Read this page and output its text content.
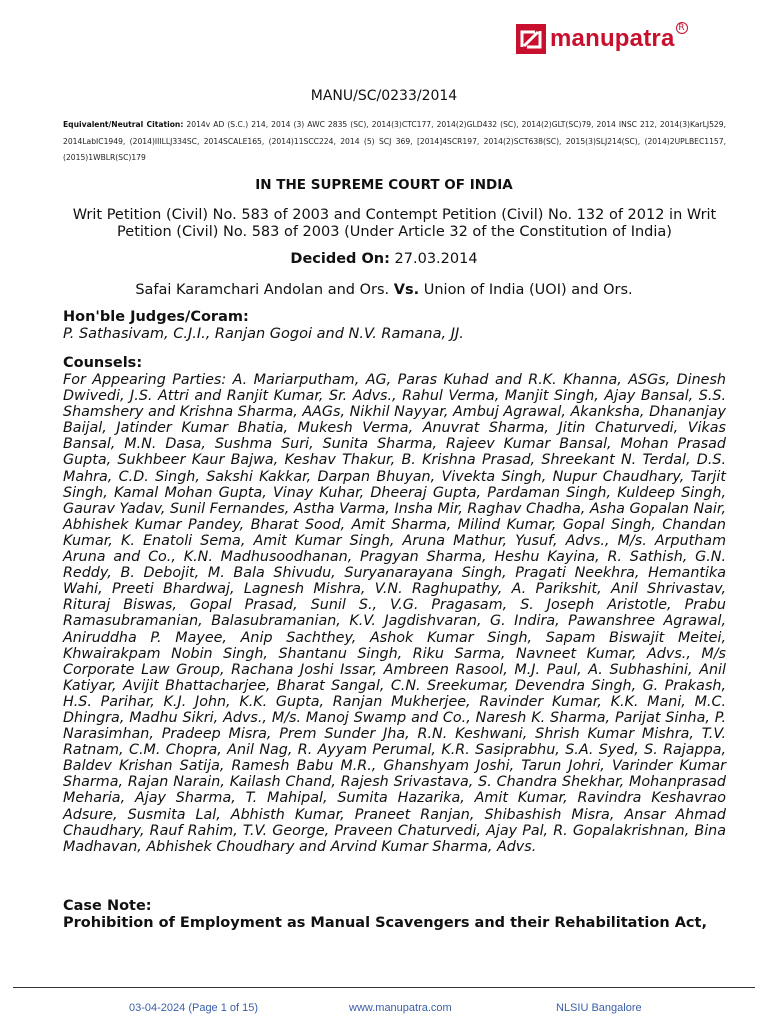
manupatra R
MANU/SC/0233/2014
Equivalent/Neutral Citation: 2014v AD (S.C.) 214, 2014 (3) AWC 2835 (SC), 2014(3)CTC177, 2014(2)GLD432 (SC), 2014(2)GLT(SC)79, 2014 INSC 212, 2014(3)KarLJ529, 2014LabIC1949, (2014)IIILLJ334SC, 2014SCALE165, (2014)11SCC224, 2014 (5) SCJ 369, [2014]4SCR197, 2014(2)SCT638(SC), 2015(3)SLJ214(SC), (2014)2UPLBEC1157, (2015)1WBLR(SC)179
IN THE SUPREME COURT OF INDIA
Writ Petition (Civil) No. 583 of 2003 and Contempt Petition (Civil) No. 132 of 2012 in Writ Petition (Civil) No. 583 of 2003 (Under Article 32 of the Constitution of India)
Decided On: 27.03.2014
Safai Karamchari Andolan and Ors. Vs. Union of India (UOI) and Ors.
Hon'ble Judges/Coram:
P. Sathasivam, C.J.I., Ranjan Gogoi and N.V. Ramana, JJ.
Counsels:
For Appearing Parties: A. Mariarputham, AG, Paras Kuhad and R.K. Khanna, ASGs, Dinesh Dwivedi, J.S. Attri and Ranjit Kumar, Sr. Advs., Rahul Verma, Manjit Singh, Ajay Bansal, S.S. Shamshery and Krishna Sharma, AAGs, Nikhil Nayyar, Ambuj Agrawal, Akanksha, Dhananjay Baijal, Jatinder Kumar Bhatia, Mukesh Verma, Anuvrat Sharma, Jitin Chaturvedi, Vikas Bansal, M.N. Dasa, Sushma Suri, Sunita Sharma, Rajeev Kumar Bansal, Mohan Prasad Gupta, Sukhbeer Kaur Bajwa, Keshav Thakur, B. Krishna Prasad, Shreekant N. Terdal, D.S. Mahra, C.D. Singh, Sakshi Kakkar, Darpan Bhuyan, Vivekta Singh, Nupur Chaudhary, Tarjit Singh, Kamal Mohan Gupta, Vinay Kuhar, Dheeraj Gupta, Pardaman Singh, Kuldeep Singh, Gaurav Yadav, Sunil Fernandes, Astha Varma, Insha Mir, Raghav Chadha, Asha Gopalan Nair, Abhishek Kumar Pandey, Bharat Sood, Amit Sharma, Milind Kumar, Gopal Singh, Chandan Kumar, K. Enatoli Sema, Amit Kumar Singh, Aruna Mathur, Yusuf, Advs., M/s. Arputham Aruna and Co., K.N. Madhusoodhanan, Pragyan Sharma, Heshu Kayina, R. Sathish, G.N. Reddy, B. Debojit, M. Bala Shivudu, Suryanarayana Singh, Pragati Neekhra, Hemantika Wahi, Preeti Bhardwaj, Lagnesh Mishra, V.N. Raghupathy, A. Parikshit, Anil Shrivastav, Rituraj Biswas, Gopal Prasad, Sunil S., V.G. Pragasam, S. Joseph Aristotle, Prabu Ramasubramanian, Balasubramanian, K.V. Jagdishvaran, G. Indira, Pawanshree Agrawal, Aniruddha P. Mayee, Anip Sachthey, Ashok Kumar Singh, Sapam Biswajit Meitei, Khwairakpam Nobin Singh, Shantanu Singh, Riku Sarma, Navneet Kumar, Advs., M/s Corporate Law Group, Rachana Joshi Issar, Ambreen Rasool, M.J. Paul, A. Subhashini, Anil Katiyar, Avijit Bhattacharjee, Bharat Sangal, C.N. Sreekumar, Devendra Singh, G. Prakash, H.S. Parihar, K.J. John, K.K. Gupta, Ranjan Mukherjee, Ravinder Kumar, K.K. Mani, M.C. Dhingra, Madhu Sikri, Advs., M/s. Manoj Swamp and Co., Naresh K. Sharma, Parijat Sinha, P. Narasimhan, Pradeep Misra, Prem Sunder Jha, R.N. Keshwani, Shrish Kumar Mishra, T.V. Ratnam, C.M. Chopra, Anil Nag, R. Ayyam Perumal, K.R. Sasiprabhu, S.A. Syed, S. Rajappa, Baldev Krishan Satija, Ramesh Babu M.R., Ghanshyam Joshi, Tarun Johri, Varinder Kumar Sharma, Rajan Narain, Kailash Chand, Rajesh Srivastava, S. Chandra Shekhar, Mohanprasad Meharia, Ajay Sharma, T. Mahipal, Sumita Hazarika, Amit Kumar, Ravindra Keshavrao Adsure, Susmita Lal, Abhisth Kumar, Praneet Ranjan, Shibashish Misra, Ansar Ahmad Chaudhary, Rauf Rahim, T.V. George, Praveen Chaturvedi, Ajay Pal, R. Gopalakrishnan, Bina Madhavan, Abhishek Choudhary and Arvind Kumar Sharma, Advs.
Case Note:
Prohibition of Employment as Manual Scavengers and their Rehabilitation Act,
03-04-2024 (Page 1 of 15)	www.manupatra.com	NLSIU Bangalore
